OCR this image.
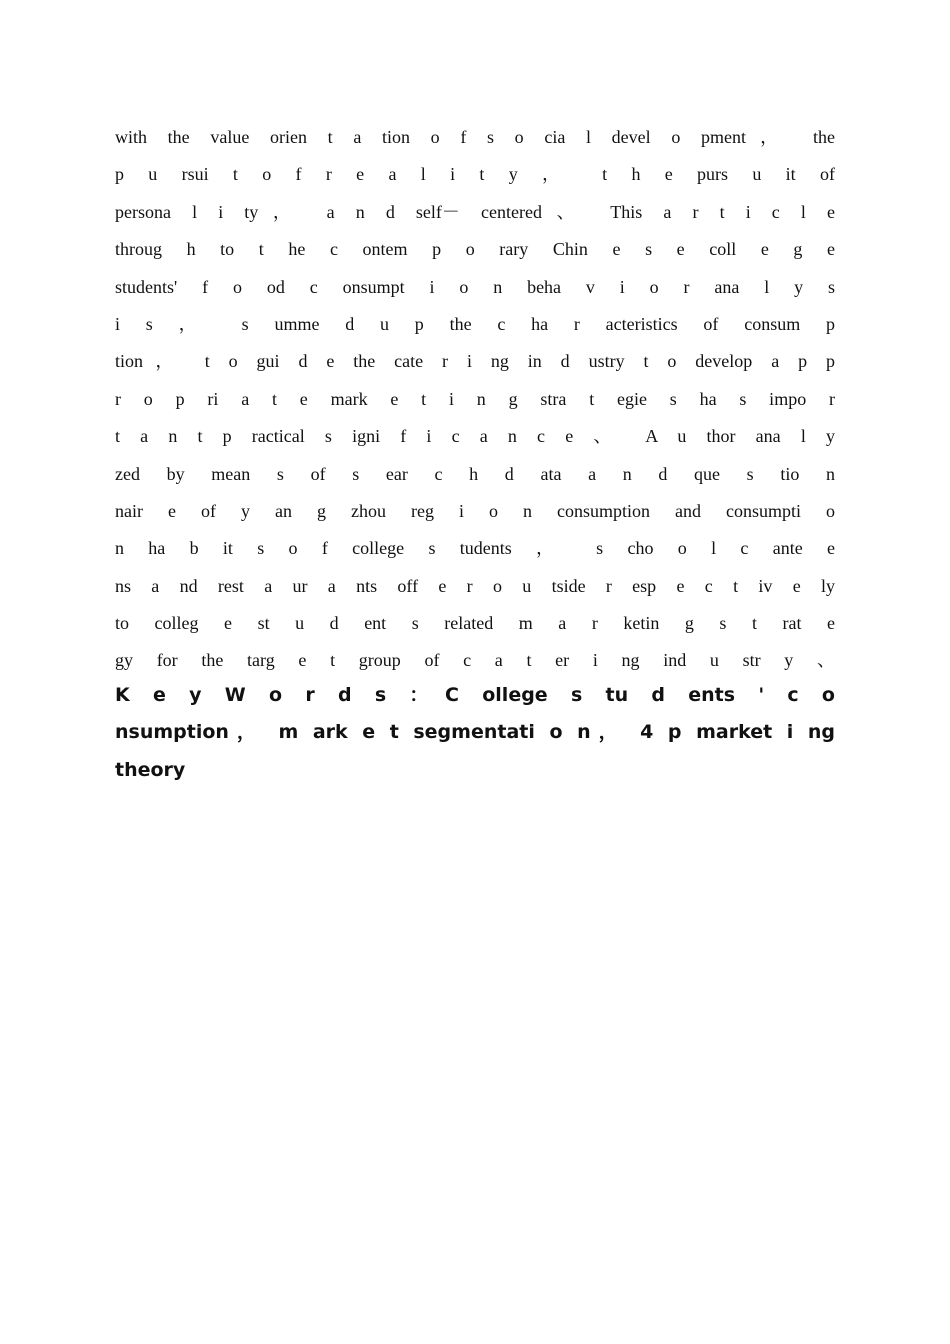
with the value orien t a tion o f s o cia l devel o pment， the
p u rsui t o f r e a l i t y ， t h e purs u it of
persona l i ty， a n d self－ centered、 This a r t i c l e
throug h to t he c ontem p o rary Chin e s e coll e g e
students' f o od c onsumpt i o n beha v i o r ana l y s
i s ， s umme d u p the c ha r acteristics of consum p
tion， t o gui d e the cate r i ng in d ustry t o develop a p p
r o p ri a t e mark e t i n g stra t egie s ha s impo r
t a n t p ractical s igni f i c a n c e 、 A u thor ana l y
zed by mean s of s ear c h d ata a n d que s tio n
nair e of y an g zhou reg i o n consumption and consumpti o
n ha b it s o f college s tudents ， s cho o l c ante e
ns a nd rest a ur a nts off e r o u tside r esp e c t iv e ly
to colleg e st u d ent s related m a r ketin g s t rat e
gy for the targ e t group of c a t er i ng ind u str y 、
K e y W o r d s ：C ollege s tu d ents ' c o
nsumption， m ark e t segmentati o n， 4 p market i ng
theory
